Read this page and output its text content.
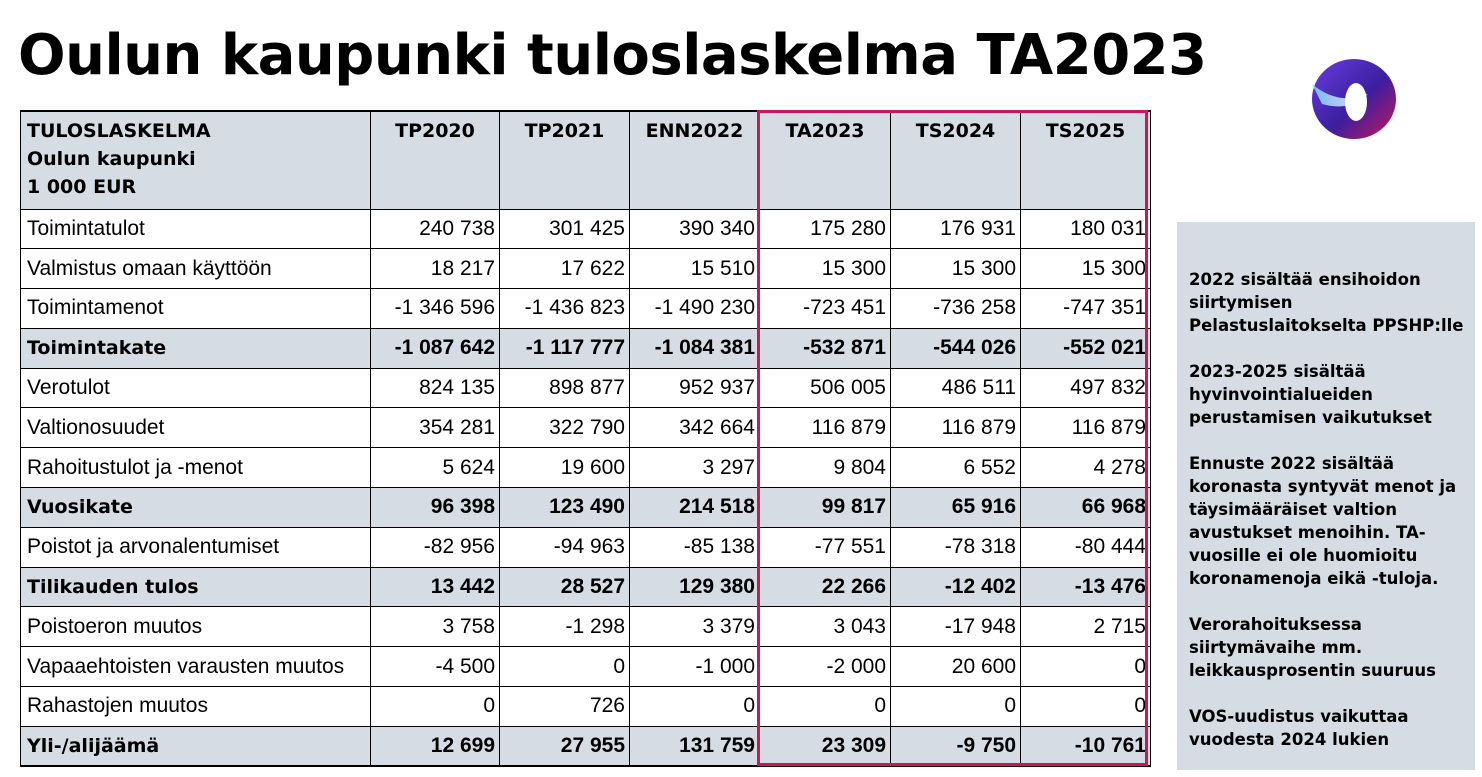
Oulun kaupunki tuloslaskelma TA2023
TULOSLASKELMA
Oulun kaupunki
1 000 EUR	TP2020	TP2021	ENN2022	TA2023	TS2024	TS2025
Toimintatulot	240 738	301 425	390 340	175 280	176 931	180 031
Valmistus omaan käyttöön	18 217	17 622	15 510	15 300	15 300	15 300
Toimintamenot	-1 346 596	-1 436 823	-1 490 230	-723 451	-736 258	-747 351
Toimintakate	-1 087 642	-1 117 777	-1 084 381	-532 871	-544 026	-552 021
Verotulot	824 135	898 877	952 937	506 005	486 511	497 832
Valtionosuudet	354 281	322 790	342 664	116 879	116 879	116 879
Rahoitustulot ja -menot	5 624	19 600	3 297	9 804	6 552	4 278
Vuosikate	96 398	123 490	214 518	99 817	65 916	66 968
Poistot ja arvonalentumiset	-82 956	-94 963	-85 138	-77 551	-78 318	-80 444
Tilikauden tulos	13 442	28 527	129 380	22 266	-12 402	-13 476
Poistoeron muutos	3 758	-1 298	3 379	3 043	-17 948	2 715
Vapaaehtoisten varausten muutos	-4 500	0	-1 000	-2 000	20 600	0
Rahastojen muutos	0	726	0	0	0	0
Yli-/alijäämä	12 699	27 955	131 759	23 309	-9 750	-10 761

2022 sisältää ensihoidon siirtymisen Pelastuslaitokselta PPSHP:lle

2023-2025 sisältää hyvinvointialueiden perustamisen vaikutukset

Ennuste 2022 sisältää koronasta syntyvät menot ja täysimääräiset valtion avustukset menoihin. TA-vuosille ei ole huomioitu koronamenoja eikä -tuloja.

Verorahoituksessa siirtymävaihe mm. leikkausprosentin suuruus

VOS-uudistus vaikuttaa vuodesta 2024 lukien
